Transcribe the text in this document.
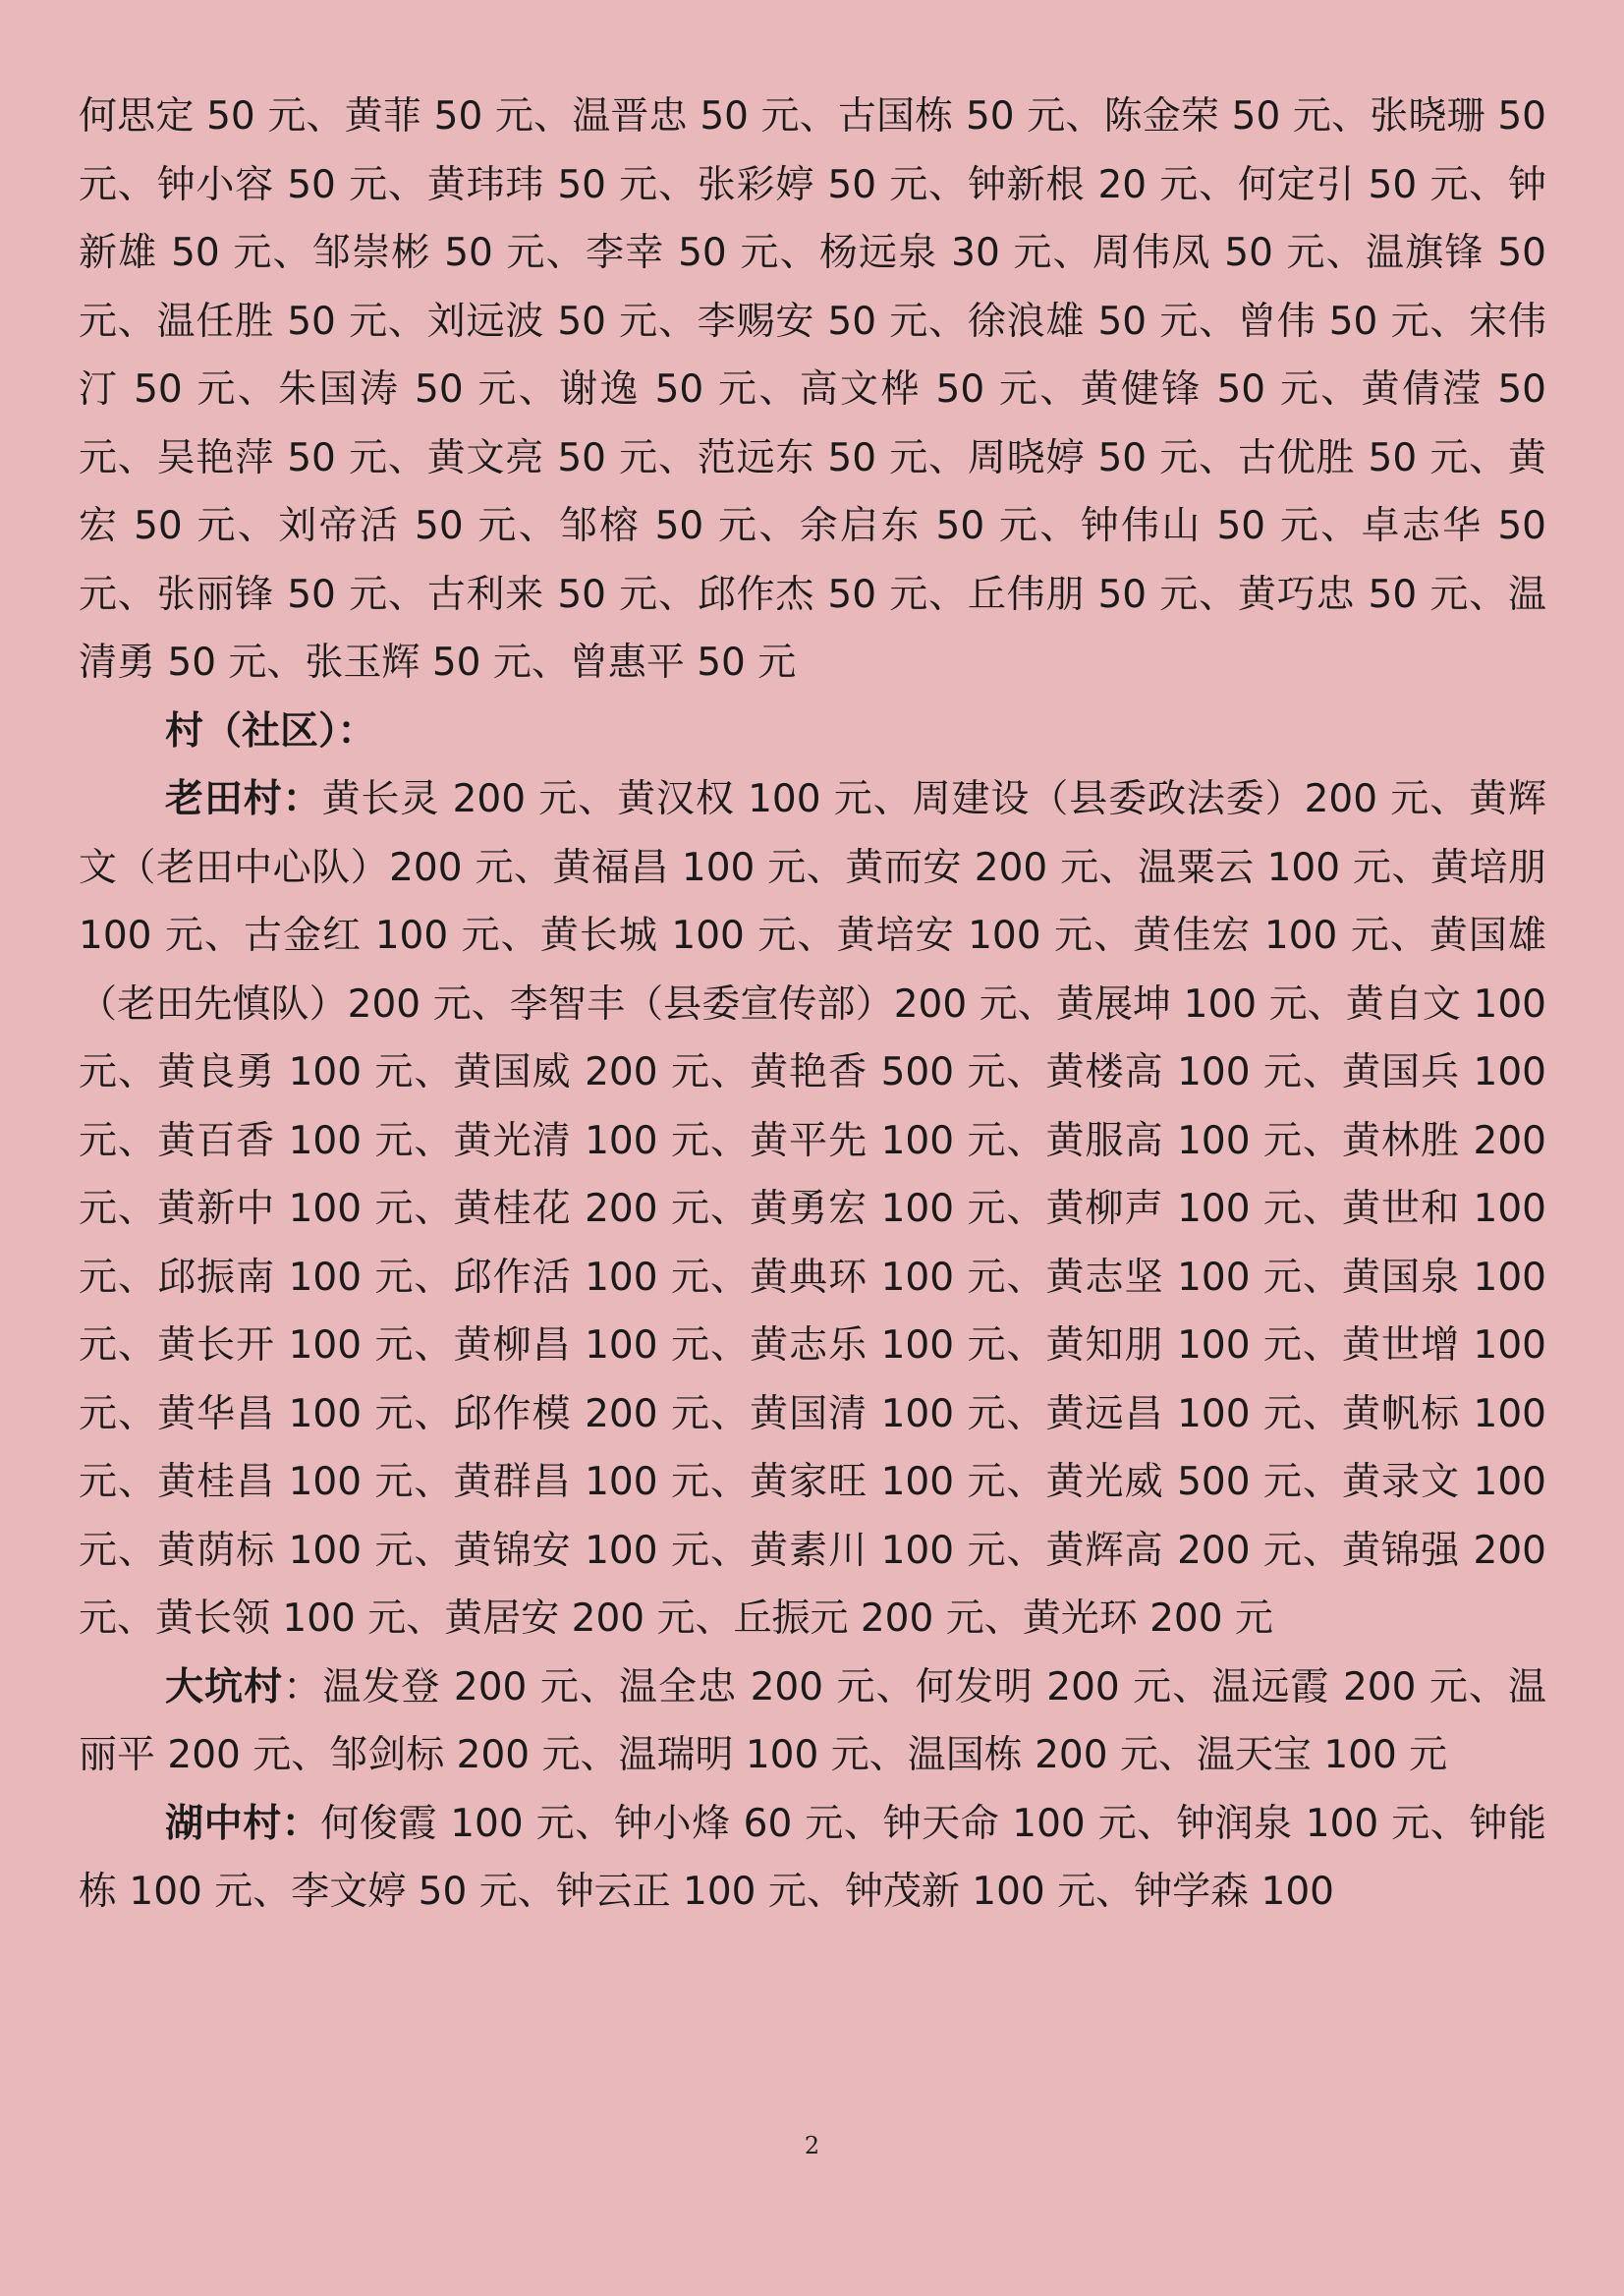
何思定 50 元、黄菲 50 元、温晋忠 50 元、古国栋 50 元、陈金荣 50 元、张晓珊 50 元、钟小容 50 元、黄玮玮 50 元、张彩婷 50 元、钟新根 20 元、何定引 50 元、钟新雄 50 元、邹崇彬 50 元、李幸 50 元、杨远泉 30 元、周伟凤 50 元、温旗锋 50 元、温任胜 50 元、刘远波 50 元、李赐安 50 元、徐浪雄 50 元、曾伟 50 元、宋伟汀 50 元、朱国涛 50 元、谢逸 50 元、高文桦 50 元、黄健锋 50 元、黄倩滢 50 元、吴艳萍 50 元、黄文亮 50 元、范远东 50 元、周晓婷 50 元、古优胜 50 元、黄宏 50 元、刘帝活 50 元、邹榕 50 元、余启东 50 元、钟伟山 50 元、卓志华 50 元、张丽锋 50 元、古利来 50 元、邱作杰 50 元、丘伟朋 50 元、黄巧忠 50 元、温清勇 50 元、张玉辉 50 元、曾惠平 50 元

村（社区）：

老田村：黄长灵 200 元、黄汉权 100 元、周建设（县委政法委）200 元、黄辉文（老田中心队）200 元、黄福昌 100 元、黄而安 200 元、温粟云 100 元、黄培朋 100 元、古金红 100 元、黄长城 100 元、黄培安 100 元、黄佳宏 100 元、黄国雄（老田先慎队）200 元、李智丰（县委宣传部）200 元、黄展坤 100 元、黄自文 100 元、黄良勇 100 元、黄国威 200 元、黄艳香 500 元、黄楼高 100 元、黄国兵 100 元、黄百香 100 元、黄光清 100 元、黄平先 100 元、黄服高 100 元、黄林胜 200 元、黄新中 100 元、黄桂花 200 元、黄勇宏 100 元、黄柳声 100 元、黄世和 100 元、邱振南 100 元、邱作活 100 元、黄典环 100 元、黄志坚 100 元、黄国泉 100 元、黄长开 100 元、黄柳昌 100 元、黄志乐 100 元、黄知朋 100 元、黄世增 100 元、黄华昌 100 元、邱作模 200 元、黄国清 100 元、黄远昌 100 元、黄帆标 100 元、黄桂昌 100 元、黄群昌 100 元、黄家旺 100 元、黄光威 500 元、黄录文 100 元、黄荫标 100 元、黄锦安 100 元、黄素川 100 元、黄辉高 200 元、黄锦强 200 元、黄长领 100 元、黄居安 200 元、丘振元 200 元、黄光环 200 元

大坑村：温发登 200 元、温全忠 200 元、何发明 200 元、温远霞 200 元、温丽平 200 元、邹剑标 200 元、温瑞明 100 元、温国栋 200 元、温天宝 100 元

湖中村：何俊霞 100 元、钟小烽 60 元、钟天命 100 元、钟润泉 100 元、钟能栋 100 元、李文婷 50 元、钟云正 100 元、钟茂新 100 元、钟学森 100

2
